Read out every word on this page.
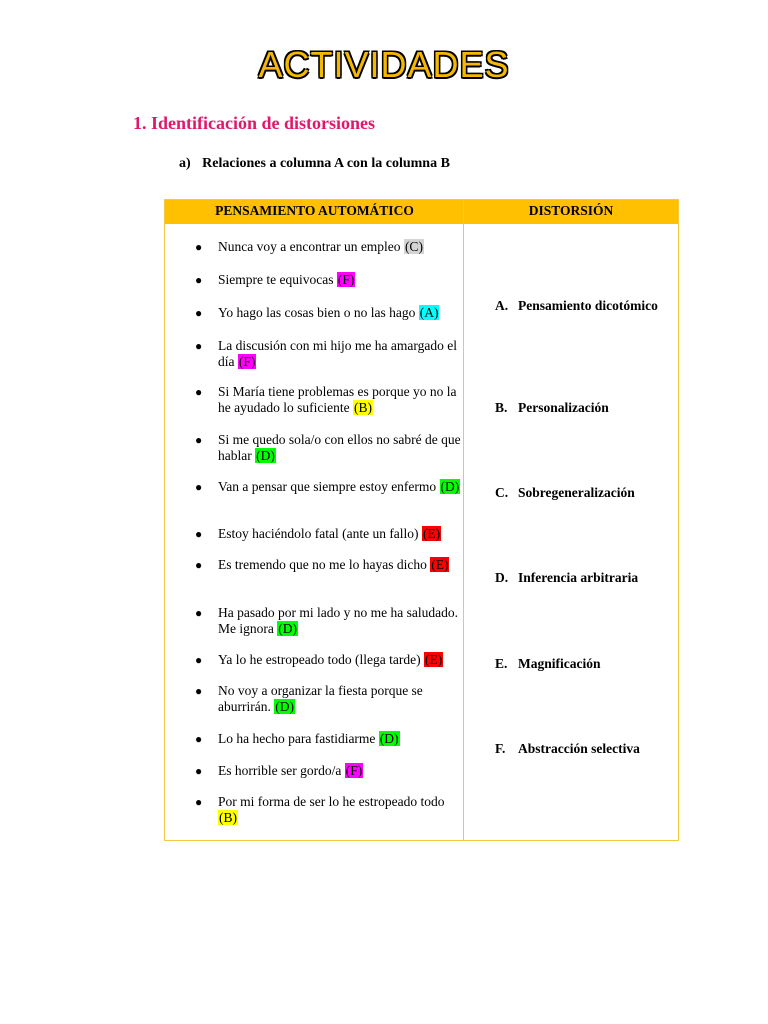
ACTIVIDADES
1. Identificación de distorsiones
a) Relaciones a columna A con la columna B
PENSAMIENTO AUTOMÁTICO	DISTORSIÓN
● Nunca voy a encontrar un empleo (C)
● Siempre te equivocas (F)
● Yo hago las cosas bien o no las hago (A)
● La discusión con mi hijo me ha amargado el día (F)
● Si María tiene problemas es porque yo no la he ayudado lo suficiente (B)
● Si me quedo sola/o con ellos no sabré de que hablar (D)
● Van a pensar que siempre estoy enfermo (D)
● Estoy haciéndolo fatal (ante un fallo) (E)
● Es tremendo que no me lo hayas dicho (E)
● Ha pasado por mi lado y no me ha saludado. Me ignora (D)
● Ya lo he estropeado todo (llega tarde) (E)
● No voy a organizar la fiesta porque se aburrirán. (D)
● Lo ha hecho para fastidiarme (D)
● Es horrible ser gordo/a (F)
● Por mi forma de ser lo he estropeado todo (B)
A. Pensamiento dicotómico
B. Personalización
C. Sobregeneralización
D. Inferencia arbitraria
E. Magnificación
F. Abstracción selectiva
